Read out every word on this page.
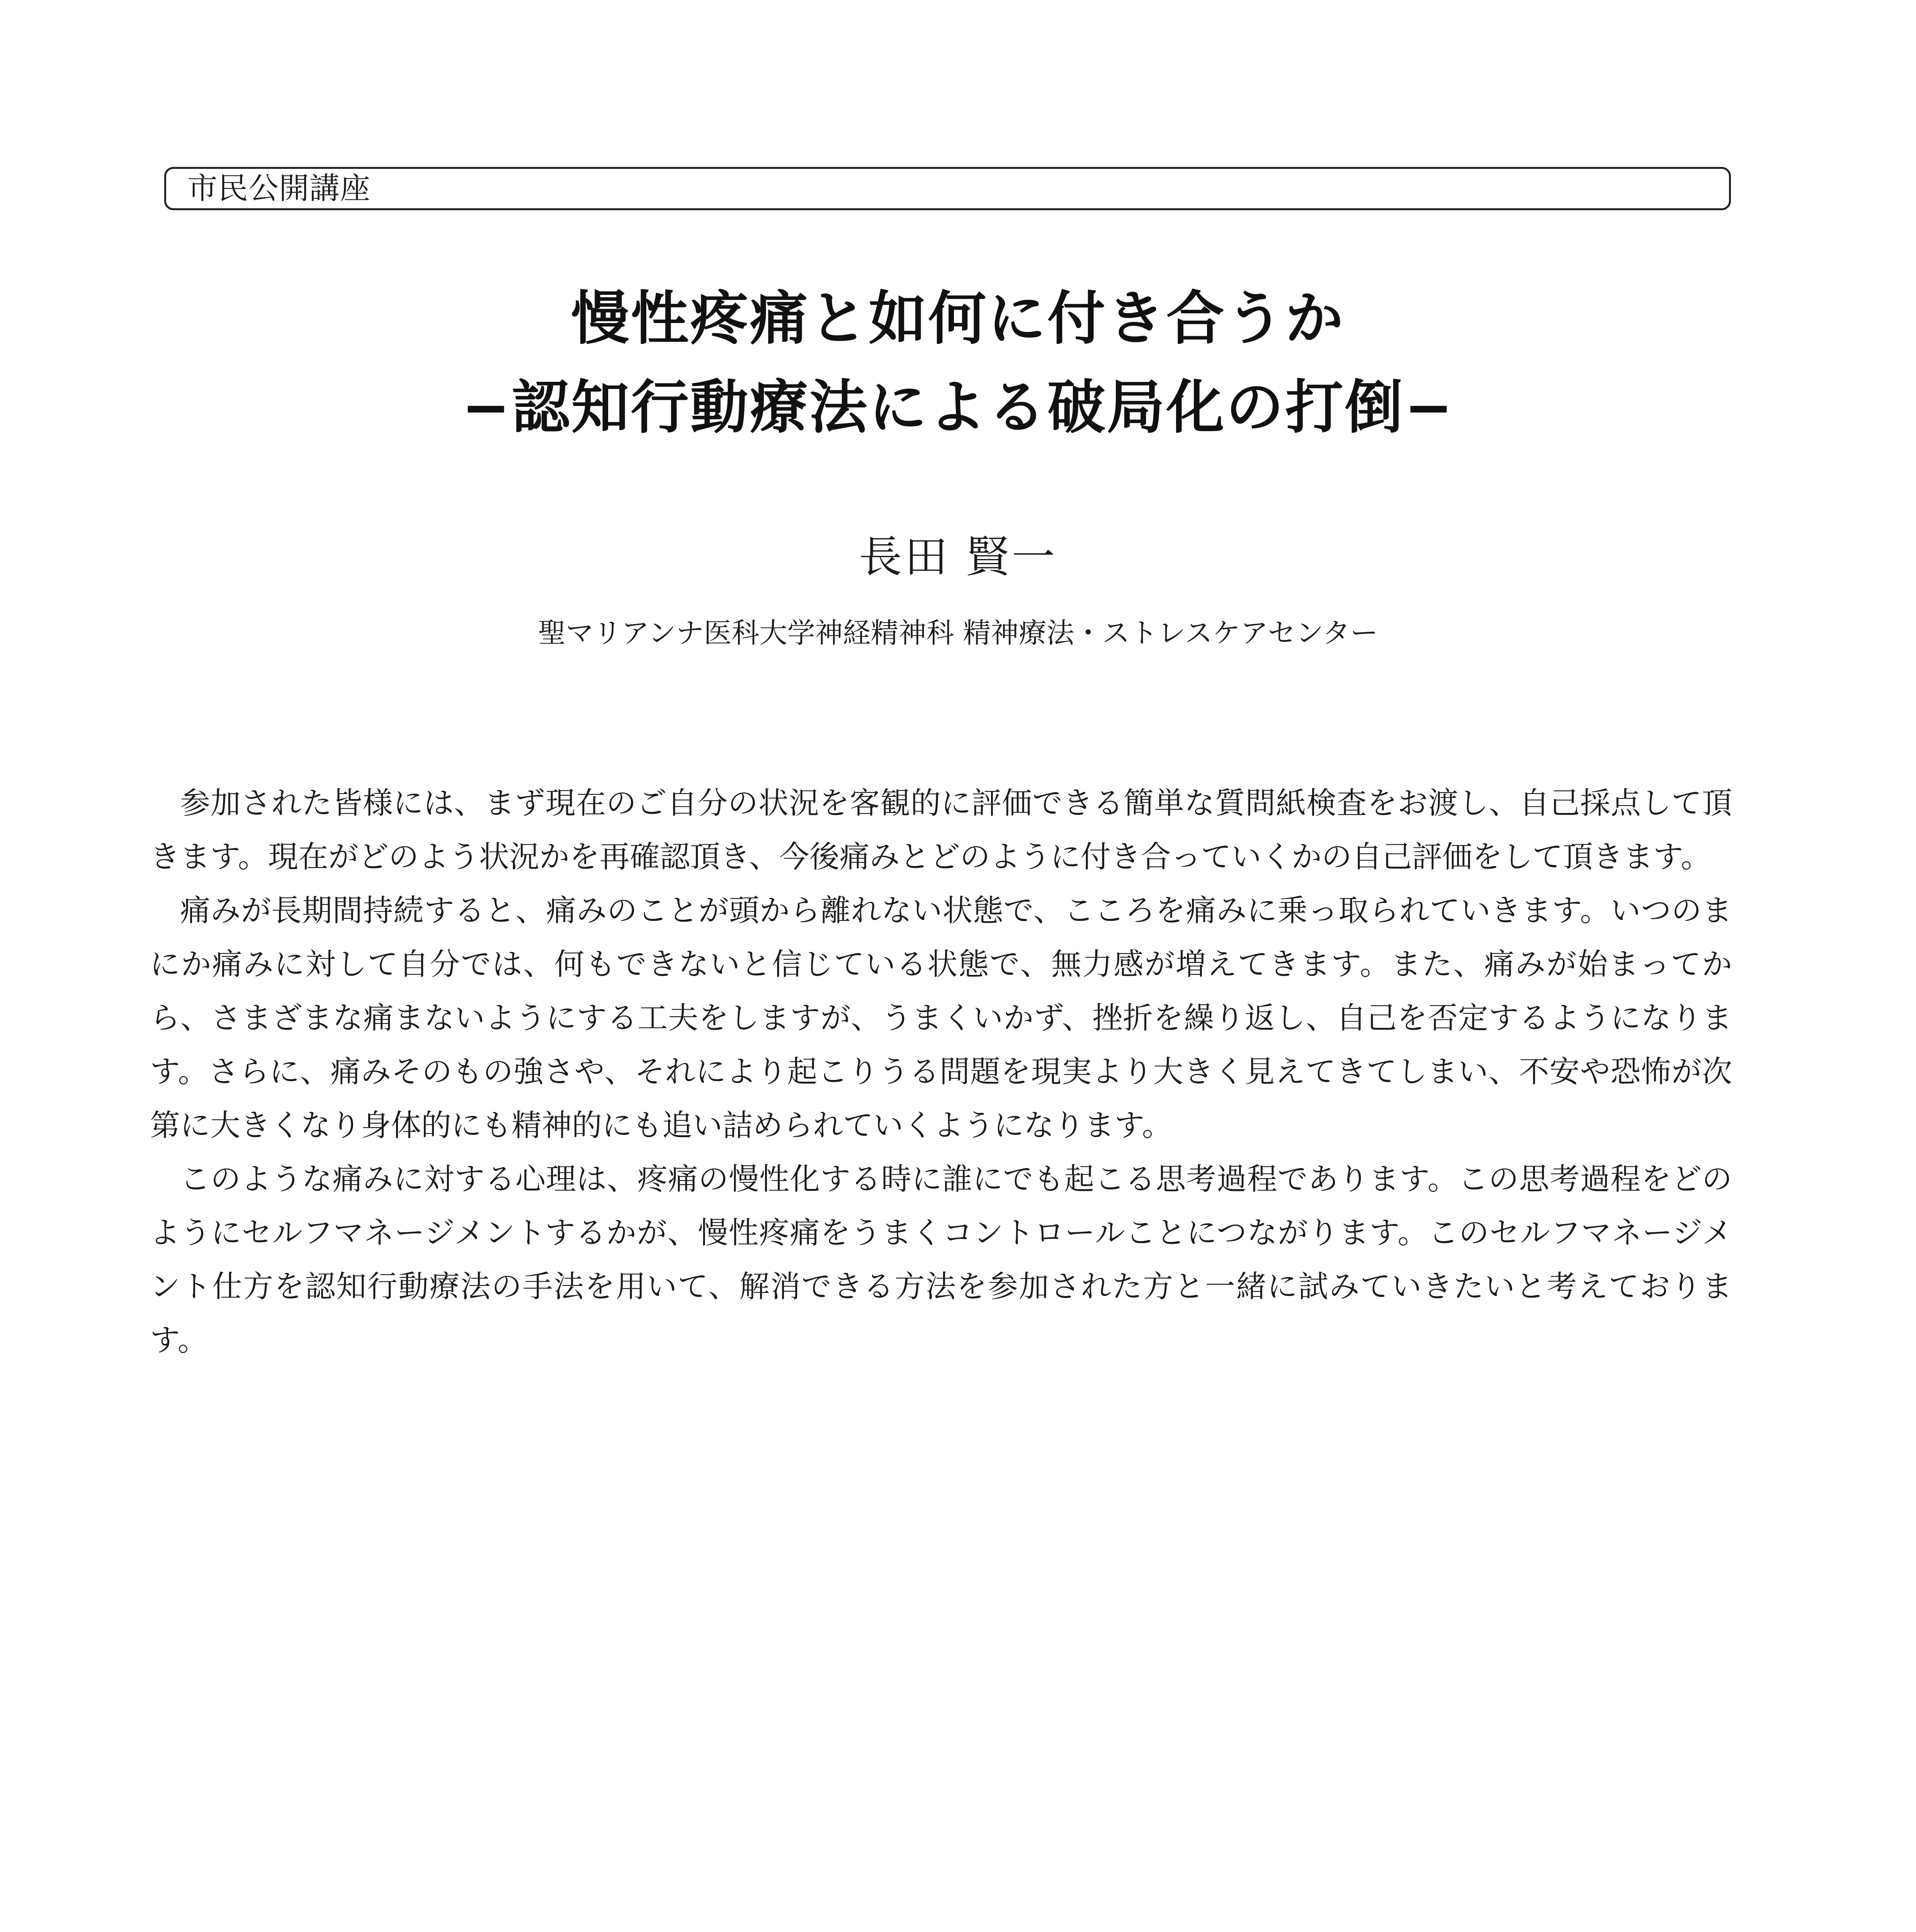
市民公開講座
慢性疼痛と如何に付き合うか
−認知行動療法による破局化の打倒−
長田 賢一
聖マリアンナ医科大学神経精神科 精神療法・ストレスケアセンター

参加された皆様には、まず現在のご自分の状況を客観的に評価できる簡単な質問紙検査をお渡し、自己採点して頂きます。現在がどのよう状況かを再確認頂き、今後痛みとどのように付き合っていくかの自己評価をして頂きます。

痛みが長期間持続すると、痛みのことが頭から離れない状態で、こころを痛みに乗っ取られていきます。いつのまにか痛みに対して自分では、何もできないと信じている状態で、無力感が増えてきます。また、痛みが始まってから、さまざまな痛まないようにする工夫をしますが、うまくいかず、挫折を繰り返し、自己を否定するようになります。さらに、痛みそのもの強さや、それにより起こりうる問題を現実より大きく見えてきてしまい、不安や恐怖が次第に大きくなり身体的にも精神的にも追い詰められていくようになります。

このような痛みに対する心理は、疼痛の慢性化する時に誰にでも起こる思考過程であります。この思考過程をどのようにセルフマネージメントするかが、慢性疼痛をうまくコントロールことにつながります。このセルフマネージメント仕方を認知行動療法の手法を用いて、解消できる方法を参加された方と一緒に試みていきたいと考えております。
